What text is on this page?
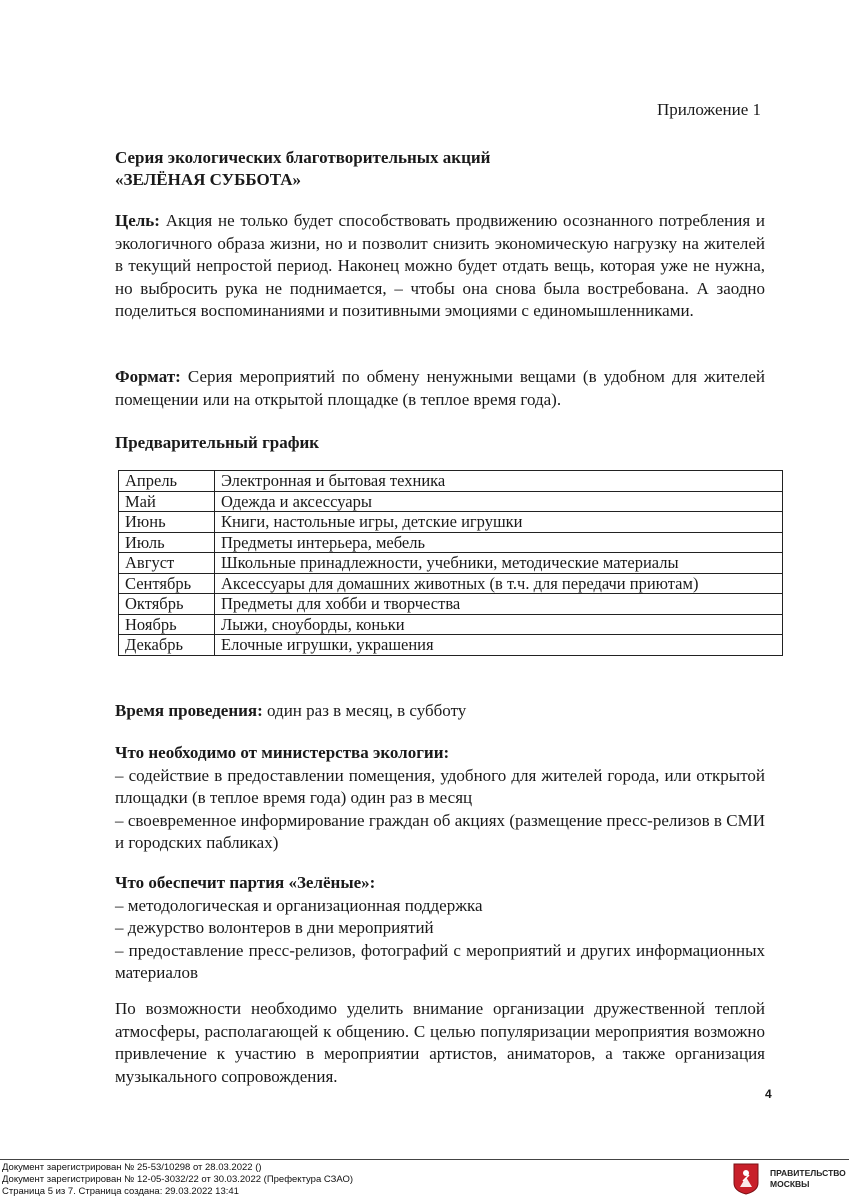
Приложение 1
Серия экологических благотворительных акций
«ЗЕЛЁНАЯ СУББОТА»
Цель: Акция не только будет способствовать продвижению осознанного потребления и экологичного образа жизни, но и позволит снизить экономическую нагрузку на жителей в текущий непростой период. Наконец можно будет отдать вещь, которая уже не нужна, но выбросить рука не поднимается, – чтобы она снова была востребована. А заодно поделиться воспоминаниями и позитивными эмоциями с единомышленниками.
Формат: Серия мероприятий по обмену ненужными вещами (в удобном для жителей помещении или на открытой площадке (в теплое время года).
Предварительный график
Апрель	Электронная и бытовая техника
Май	Одежда и аксессуары
Июнь	Книги, настольные игры, детские игрушки
Июль	Предметы интерьера, мебель
Август	Школьные принадлежности, учебники, методические материалы
Сентябрь	Аксессуары для домашних животных (в т.ч. для передачи приютам)
Октябрь	Предметы для хобби и творчества
Ноябрь	Лыжи, сноуборды, коньки
Декабрь	Елочные игрушки, украшения
Время проведения: один раз в месяц, в субботу
Что необходимо от министерства экологии:
– содействие в предоставлении помещения, удобного для жителей города, или открытой площадки (в теплое время года) один раз в месяц
– своевременное информирование граждан об акциях (размещение пресс-релизов в СМИ и городских пабликах)
Что обеспечит партия «Зелёные»:
– методологическая и организационная поддержка
– дежурство волонтеров в дни мероприятий
– предоставление пресс-релизов, фотографий с мероприятий и других информационных материалов
По возможности необходимо уделить внимание организации дружественной теплой атмосферы, располагающей к общению. С целью популяризации мероприятия возможно привлечение к участию в мероприятии артистов, аниматоров, а также организация музыкального сопровождения.
4
Документ зарегистрирован № 25-53/10298 от 28.03.2022 ()
Документ зарегистрирован № 12-05-3032/22 от 30.03.2022 (Префектура СЗАО)
Страница 5 из 7. Страница создана: 29.03.2022 13:41
ПРАВИТЕЛЬСТВО
МОСКВЫ
